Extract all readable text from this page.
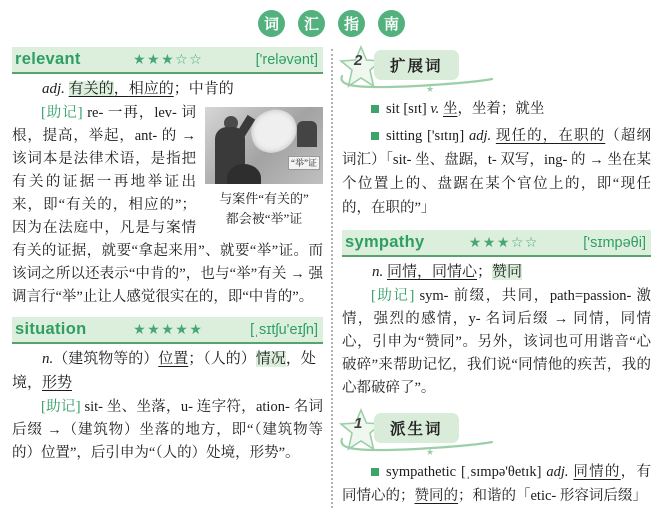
词	汇	指	南
relevant	★★★☆☆	['reləvənt]

adj. 有关的，相应的；中肯的

“举”证
与案件“有关的”
都会被“举”证

[助记] re- 一再，lev- 词根，提高，举起，ant- 的 → 该词本是法律术语，是指把有关的证据一再地举证出来，即“有关的，相应的”；因为在法庭中，凡是与案情有关的证据，就要“拿起来用”、就要“举”证。而该词之所以还表示“中肯的”，也与“举”有关 → 强调言行“举”止让人感觉很实在的，即“中肯的”。

situation	★★★★★	[ˌsɪtʃu'eɪʃn]

n.（建筑物等的）位置；（人的）情况，处境，形势

[助记] sit- 坐、坐落，u- 连字符，ation- 名词后缀 →（建筑物）坐落的地方，即“（建筑物等的）位置”，后引申为“（人的）处境，形势”。

2	扩展词
★

sit [sɪt] v. 坐，坐着；就坐

sitting ['sɪtɪŋ] adj. 现任的，在职的（超纲词汇）「sit- 坐、盘踞，t- 双写，ing- 的 → 坐在某个位置上的、盘踞在某个官位上的，即“现任的，在职的”」

sympathy	★★★☆☆	['sɪmpəθi]

n. 同情，同情心；赞同

[助记] sym- 前缀，共同，path=passion- 激情，强烈的感情，y- 名词后缀 → 同情，同情心，引申为“赞同”。另外，该词也可用谐音“心破碎”来帮助记忆，我们说“同情他的疾苦，我的心都破碎了”。

1	派生词
★

sympathetic [ˌsɪmpə'θetɪk] adj. 同情的，有同情心的；赞同的；和谐的「etic- 形容词后缀」
